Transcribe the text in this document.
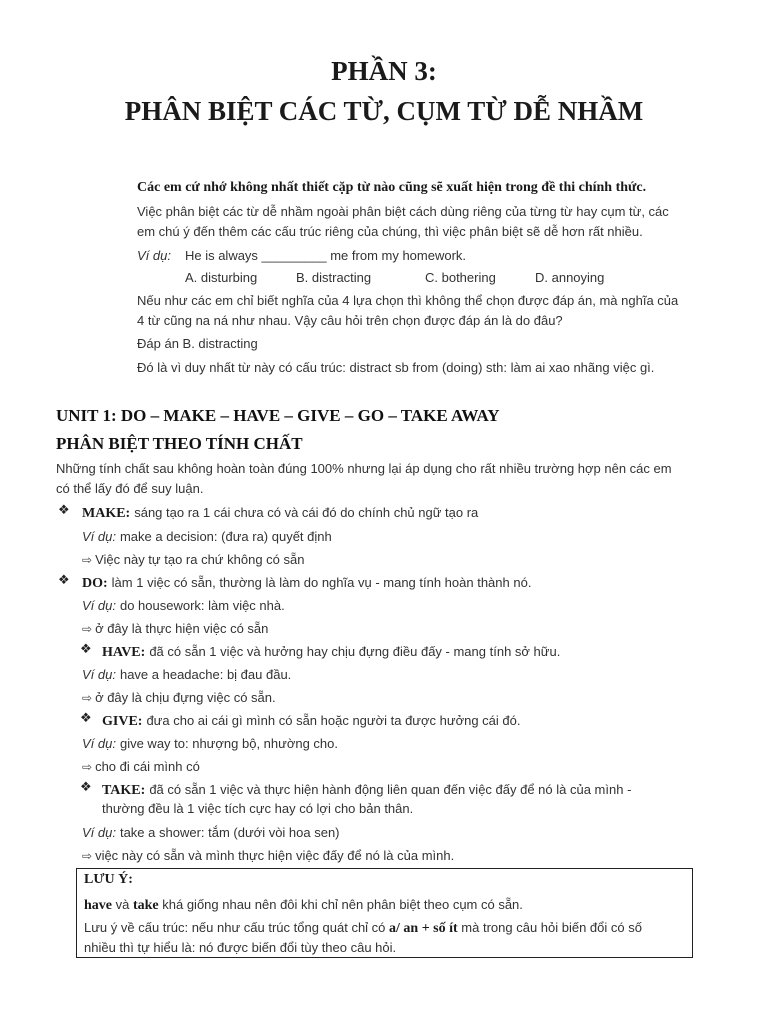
PHẦN 3:
PHÂN BIỆT CÁC TỪ, CỤM TỪ DỄ NHẦM
Các em cứ nhớ không nhất thiết cặp từ nào cũng sẽ xuất hiện trong đề thi chính thức.
Việc phân biệt các từ dễ nhầm ngoài phân biệt cách dùng riêng của từng từ hay cụm từ, các
em chú ý đến thêm các cấu trúc riêng của chúng, thì việc phân biệt sẽ dễ hơn rất nhiều.
Ví dụ: He is always _________ me from my homework.
A. disturbing	B. distracting	C. bothering	D. annoying
Nếu như các em chỉ biết nghĩa của 4 lựa chọn thì không thể chọn được đáp án, mà nghĩa của
4 từ cũng na ná như nhau. Vậy câu hỏi trên chọn được đáp án là do đâu?
Đáp án B. distracting
Đó là vì duy nhất từ này có cấu trúc: distract sb from (doing) sth: làm ai xao nhãng việc gì.
UNIT 1: DO – MAKE – HAVE – GIVE – GO – TAKE AWAY
PHÂN BIỆT THEO TÍNH CHẤT
Những tính chất sau không hoàn toàn đúng 100% nhưng lại áp dụng cho rất nhiều trường hợp nên các em
có thể lấy đó để suy luận.
❖ MAKE: sáng tạo ra 1 cái chưa có và cái đó do chính chủ ngữ tạo ra
Ví dụ: make a decision: (đưa ra) quyết định
⇨ Việc này tự tạo ra chứ không có sẵn
❖ DO: làm 1 việc có sẵn, thường là làm do nghĩa vụ - mang tính hoàn thành nó.
Ví dụ: do housework: làm việc nhà.
⇨ ở đây là thực hiện việc có sẵn
❖ HAVE: đã có sẵn 1 việc và hưởng hay chịu đựng điều đấy - mang tính sở hữu.
Ví dụ: have a headache: bị đau đầu.
⇨ ở đây là chịu đựng việc có sẵn.
❖ GIVE: đưa cho ai cái gì mình có sẵn hoặc người ta được hưởng cái đó.
Ví dụ: give way to: nhượng bộ, nhường cho.
⇨ cho đi cái mình có
❖ TAKE: đã có sẵn 1 việc và thực hiện hành động liên quan đến việc đấy để nó là của mình -
thường đều là 1 việc tích cực hay có lợi cho bản thân.
Ví dụ: take a shower: tắm (dưới vòi hoa sen)
⇨ việc này có sẵn và mình thực hiện việc đấy để nó là của mình.
LƯU Ý:
have và take khá giống nhau nên đôi khi chỉ nên phân biệt theo cụm có sẵn.
Lưu ý về cấu trúc: nếu như cấu trúc tổng quát chỉ có a/ an + số ít mà trong câu hỏi biến đổi có số
nhiều thì tự hiểu là: nó được biến đổi tùy theo câu hỏi.
